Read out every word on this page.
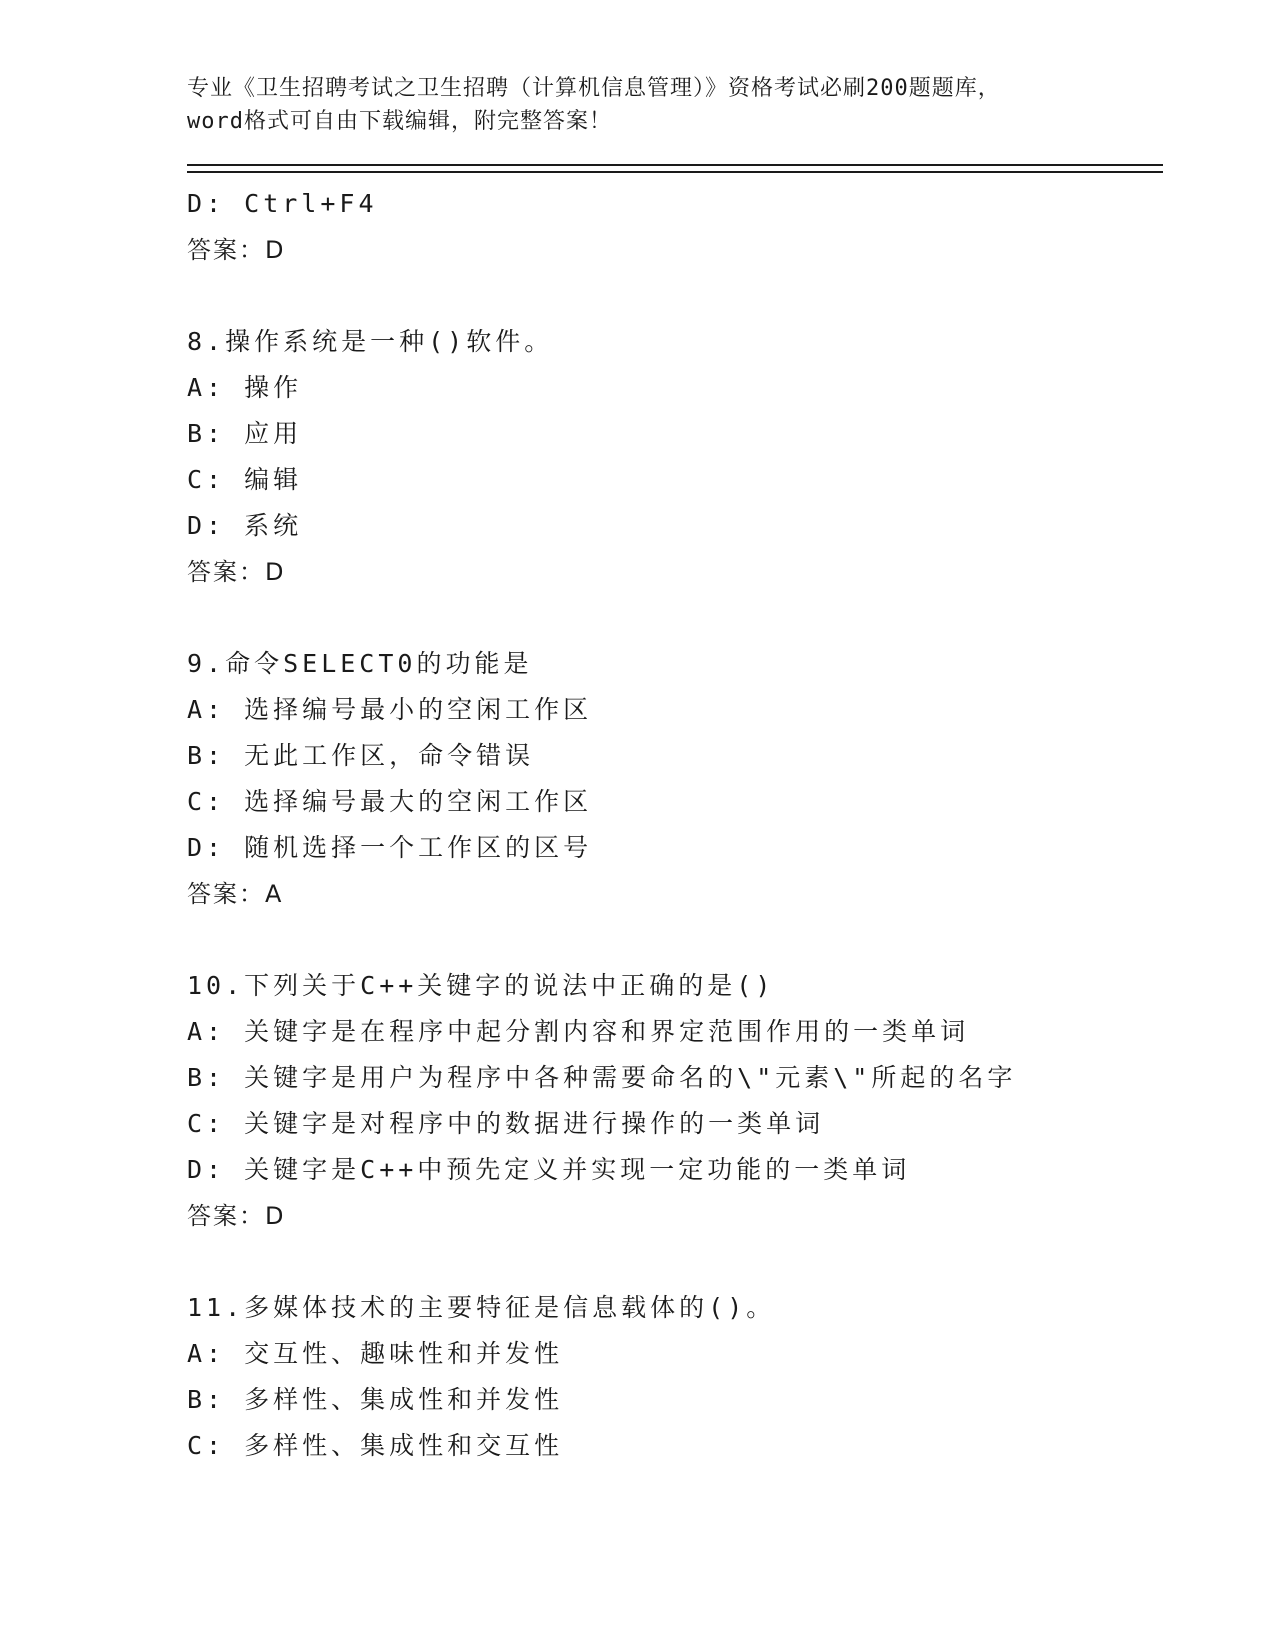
专业《卫生招聘考试之卫生招聘（计算机信息管理）》资格考试必刷200题题库，
word格式可自由下载编辑，附完整答案！
D: Ctrl+F4
答案：D
8.操作系统是一种()软件。
A: 操作
B: 应用
C: 编辑
D: 系统
答案：D
9.命令SELECT0的功能是
A: 选择编号最小的空闲工作区
B: 无此工作区，命令错误
C: 选择编号最大的空闲工作区
D: 随机选择一个工作区的区号
答案：A
10.下列关于C++关键字的说法中正确的是()
A: 关键字是在程序中起分割内容和界定范围作用的一类单词
B: 关键字是用户为程序中各种需要命名的\"元素\"所起的名字
C: 关键字是对程序中的数据进行操作的一类单词
D: 关键字是C++中预先定义并实现一定功能的一类单词
答案：D
11.多媒体技术的主要特征是信息载体的()。
A: 交互性、趣味性和并发性
B: 多样性、集成性和并发性
C: 多样性、集成性和交互性
